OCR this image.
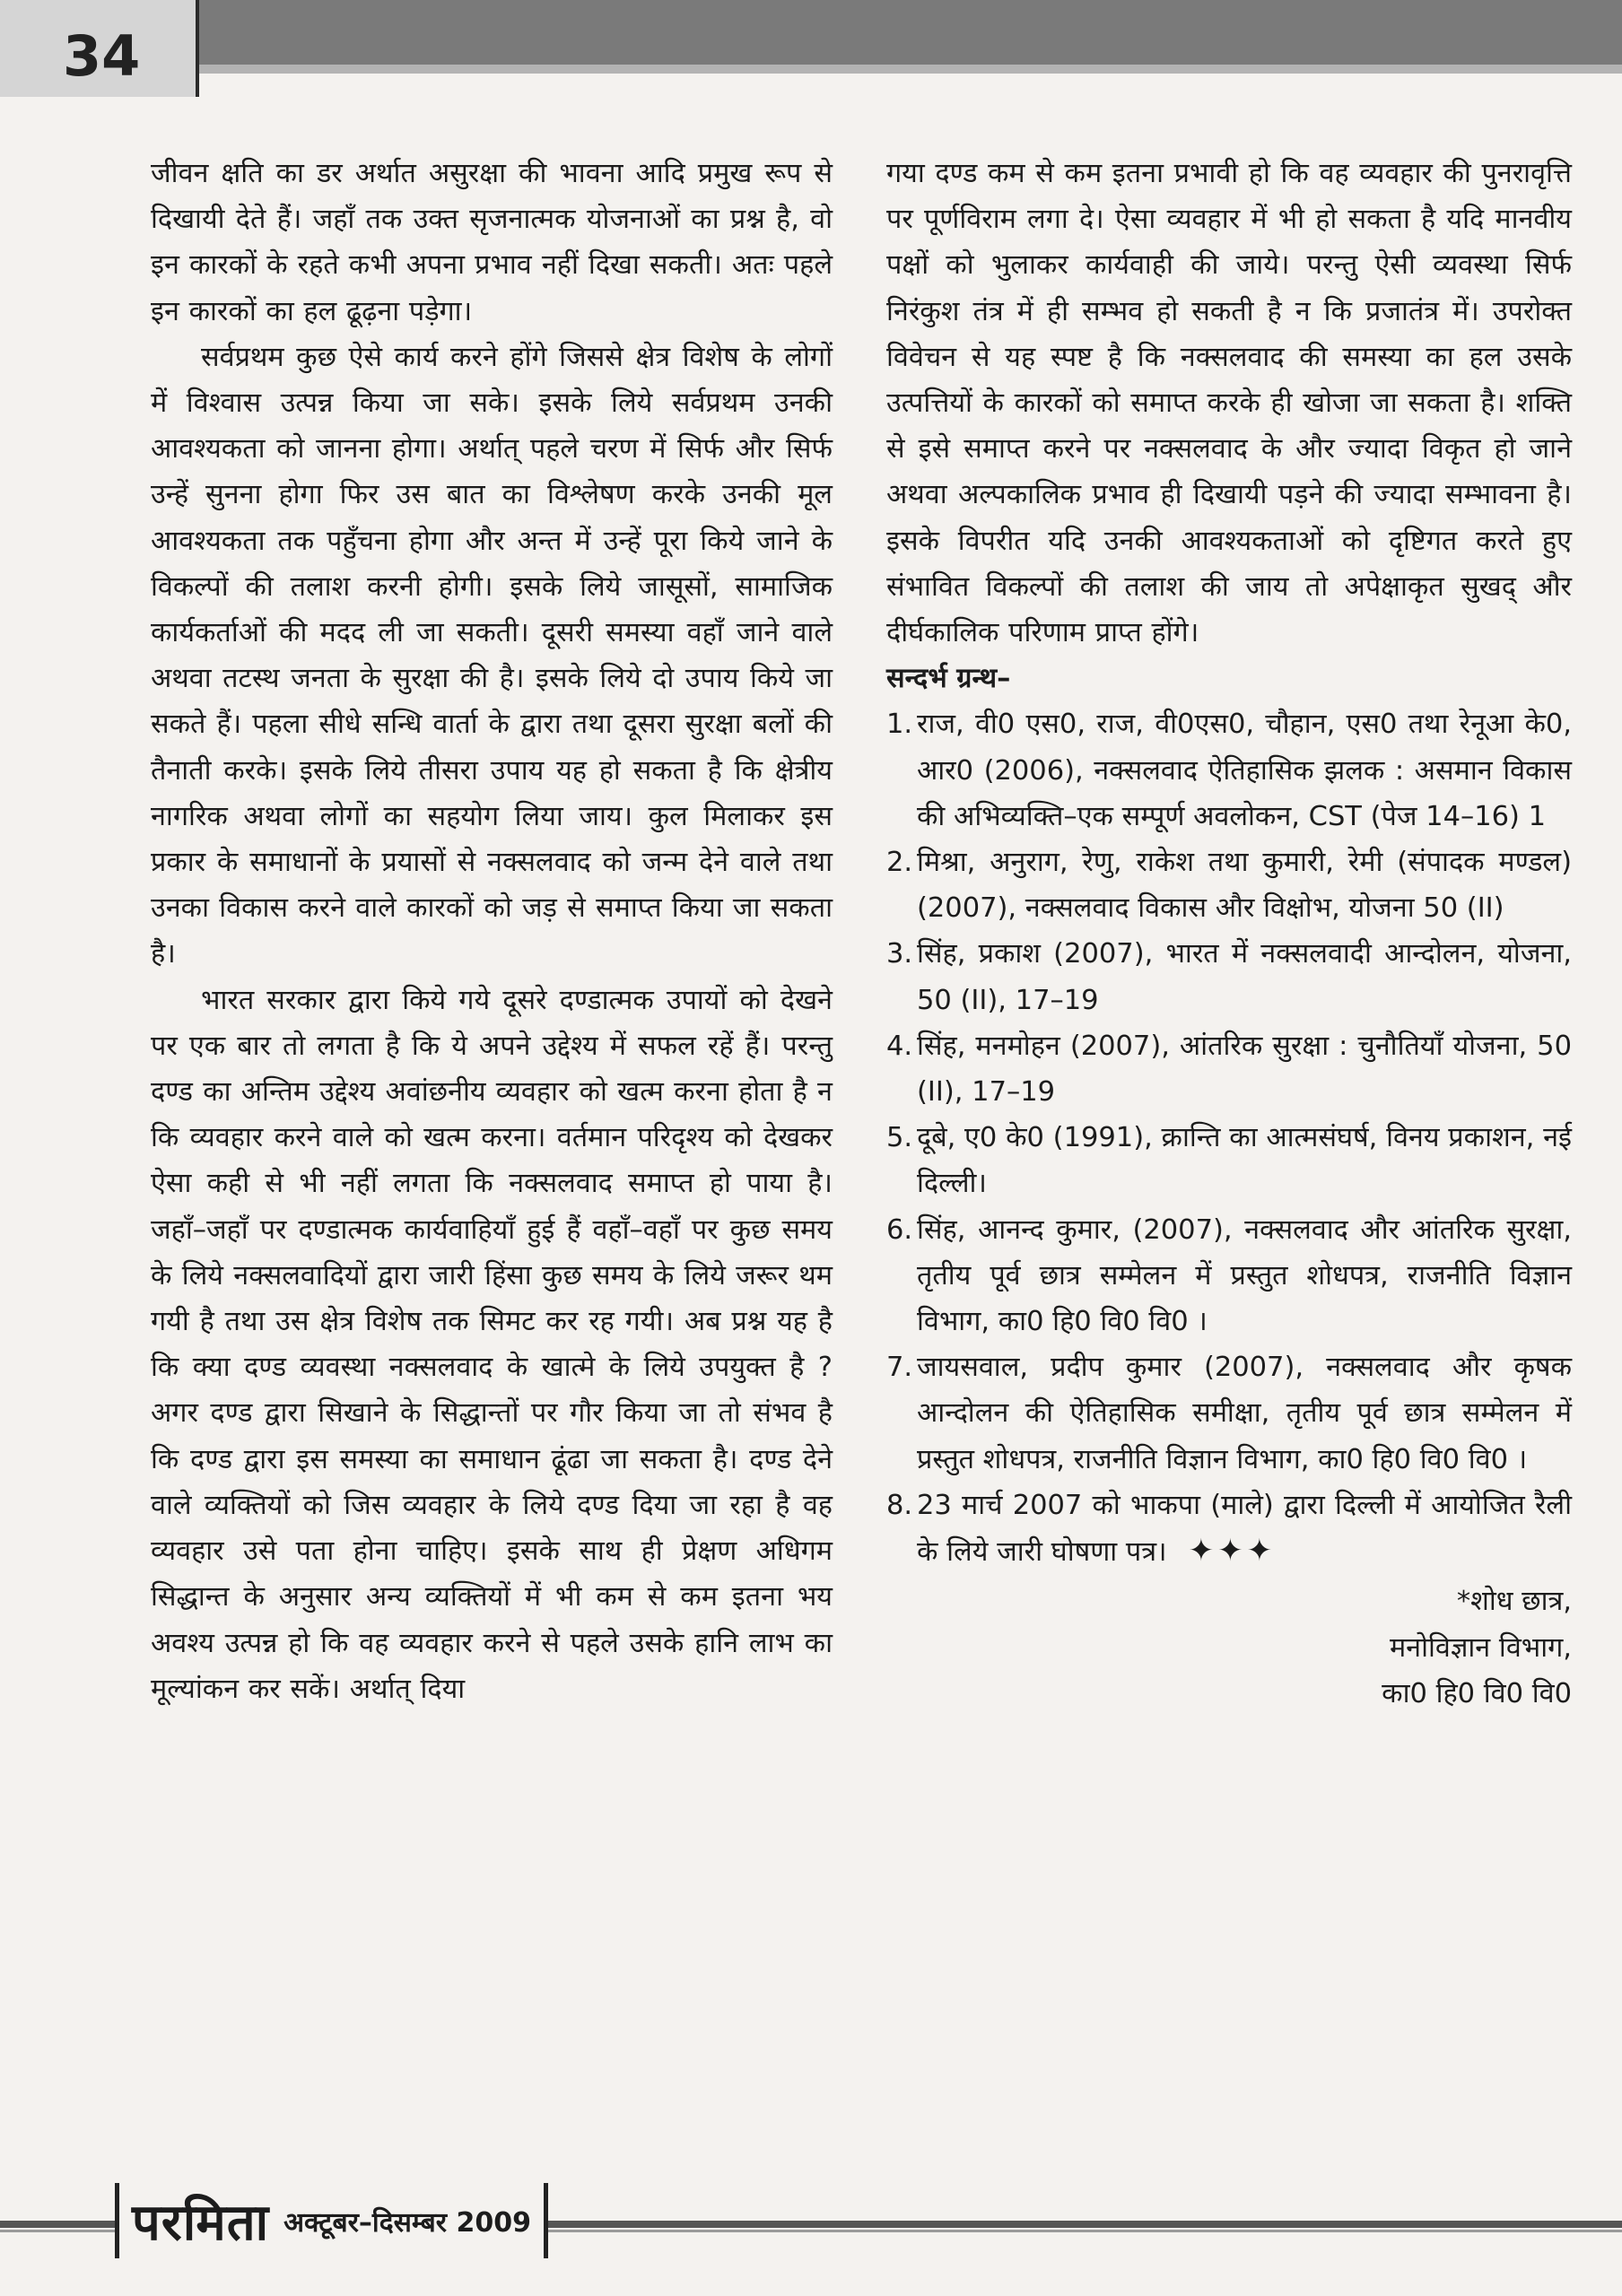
34

जीवन क्षति का डर अर्थात असुरक्षा की भावना आदि प्रमुख रूप से दिखायी देते हैं। जहाँ तक उक्त सृजनात्मक योजनाओं का प्रश्न है, वो इन कारकों के रहते कभी अपना प्रभाव नहीं दिखा सकती। अतः पहले इन कारकों का हल ढूढ़ना पड़ेगा।

सर्वप्रथम कुछ ऐसे कार्य करने होंगे जिससे क्षेत्र विशेष के लोगों में विश्वास उत्पन्न किया जा सके। इसके लिये सर्वप्रथम उनकी आवश्यकता को जानना होगा। अर्थात् पहले चरण में सिर्फ और सिर्फ उन्हें सुनना होगा फिर उस बात का विश्लेषण करके उनकी मूल आवश्यकता तक पहुँचना होगा और अन्त में उन्हें पूरा किये जाने के विकल्पों की तलाश करनी होगी। इसके लिये जासूसों, सामाजिक कार्यकर्ताओं की मदद ली जा सकती। दूसरी समस्या वहाँ जाने वाले अथवा तटस्थ जनता के सुरक्षा की है। इसके लिये दो उपाय किये जा सकते हैं। पहला सीधे सन्धि वार्ता के द्वारा तथा दूसरा सुरक्षा बलों की तैनाती करके। इसके लिये तीसरा उपाय यह हो सकता है कि क्षेत्रीय नागरिक अथवा लोगों का सहयोग लिया जाय। कुल मिलाकर इस प्रकार के समाधानों के प्रयासों से नक्सलवाद को जन्म देने वाले तथा उनका विकास करने वाले कारकों को जड़ से समाप्त किया जा सकता है।

भारत सरकार द्वारा किये गये दूसरे दण्डात्मक उपायों को देखने पर एक बार तो लगता है कि ये अपने उद्देश्य में सफल रहें हैं। परन्तु दण्ड का अन्तिम उद्देश्य अवांछनीय व्यवहार को खत्म करना होता है न कि व्यवहार करने वाले को खत्म करना। वर्तमान परिदृश्य को देखकर ऐसा कही से भी नहीं लगता कि नक्सलवाद समाप्त हो पाया है। जहाँ–जहाँ पर दण्डात्मक कार्यवाहियाँ हुई हैं वहाँ–वहाँ पर कुछ समय के लिये नक्सलवादियों द्वारा जारी हिंसा कुछ समय के लिये जरूर थम गयी है तथा उस क्षेत्र विशेष तक सिमट कर रह गयी। अब प्रश्न यह है कि क्या दण्ड व्यवस्था नक्सलवाद के खात्मे के लिये उपयुक्त है ?अगर दण्ड द्वारा सिखाने के सिद्धान्तों पर गौर किया जा तो संभव है कि दण्ड द्वारा इस समस्या का समाधान ढूंढा जा सकता है। दण्ड देने वाले व्यक्तियों को जिस व्यवहार के लिये दण्ड दिया जा रहा है वह व्यवहार उसे पता होना चाहिए। इसके साथ ही प्रेक्षण अधिगम सिद्धान्त के अनुसार अन्य व्यक्तियों में भी कम से कम इतना भय अवश्य उत्पन्न हो कि वह व्यवहार करने से पहले उसके हानि लाभ का मूल्यांकन कर सकें। अर्थात् दिया

गया दण्ड कम से कम इतना प्रभावी हो कि वह व्यवहार की पुनरावृत्ति पर पूर्णविराम लगा दे। ऐसा व्यवहार में भी हो सकता है यदि मानवीय पक्षों को भुलाकर कार्यवाही की जाये। परन्तु ऐसी व्यवस्था सिर्फ निरंकुश तंत्र में ही सम्भव हो सकती है न कि प्रजातंत्र में। उपरोक्त विवेचन से यह स्पष्ट है कि नक्सलवाद की समस्या का हल उसके उत्पत्तियों के कारकों को समाप्त करके ही खोजा जा सकता है। शक्ति से इसे समाप्त करने पर नक्सलवाद के और ज्यादा विकृत हो जाने अथवा अल्पकालिक प्रभाव ही दिखायी पड़ने की ज्यादा सम्भावना है। इसके विपरीत यदि उनकी आवश्यकताओं को दृष्टिगत करते हुए संभावित विकल्पों की तलाश की जाय तो अपेक्षाकृत सुखद् और दीर्घकालिक परिणाम प्राप्त होंगे।

सन्दर्भ ग्रन्थ–

1. राज, वी0 एस0, राज, वी0एस0, चौहान, एस0 तथा रेनूआ के0, आर0 (2006), नक्सलवाद ऐतिहासिक झलक : असमान विकास की अभिव्यक्ति–एक सम्पूर्ण अवलोकन, CST (पेज 14–16) 1
2. मिश्रा, अनुराग, रेणु, राकेश तथा कुमारी, रेमी (संपादक मण्डल) (2007), नक्सलवाद विकास और विक्षोभ, योजना 50 (II)
3. सिंह, प्रकाश (2007), भारत में नक्सलवादी आन्दोलन, योजना, 50 (II), 17–19
4. सिंह, मनमोहन (2007), आंतरिक सुरक्षा : चुनौतियाँ योजना, 50 (II), 17–19
5. दूबे, ए0 के0 (1991), क्रान्ति का आत्मसंघर्ष, विनय प्रकाशन, नई दिल्ली।
6. सिंह, आनन्द कुमार, (2007), नक्सलवाद और आंतरिक सुरक्षा, तृतीय पूर्व छात्र सम्मेलन में प्रस्तुत शोधपत्र, राजनीति विज्ञान विभाग, का0 हि0 वि0 वि0 ।
7. जायसवाल, प्रदीप कुमार (2007), नक्सलवाद और कृषक आन्दोलन की ऐतिहासिक समीक्षा, तृतीय पूर्व छात्र सम्मेलन में प्रस्तुत शोधपत्र, राजनीति विज्ञान विभाग, का0 हि0 वि0 वि0 ।
8. 23 मार्च 2007 को भाकपा (माले) द्वारा दिल्ली में आयोजित रैली के लिये जारी घोषणा पत्र। ✦✦✦
*शोध छात्र,
मनोविज्ञान विभाग,
का0 हि0 वि0 वि0
परमिता अक्टूबर–दिसम्बर 2009
